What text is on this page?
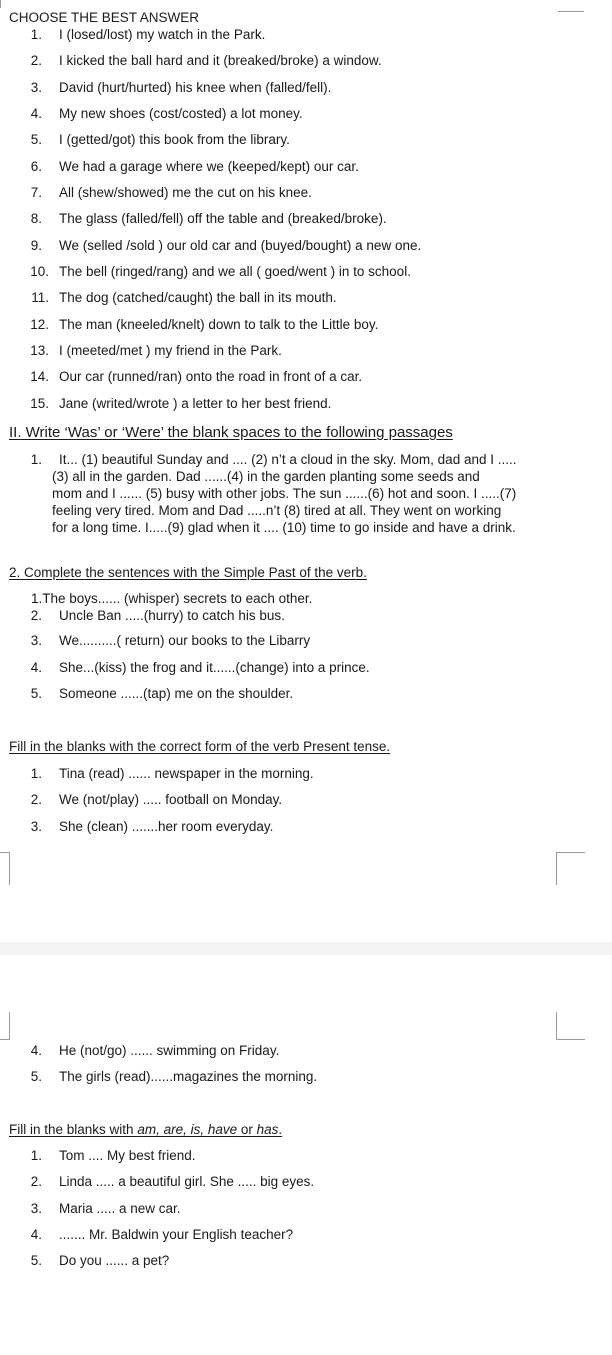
CHOOSE THE BEST ANSWER
1. I (losed/lost) my watch in the Park.
2. I kicked the ball hard and it (breaked/broke) a window.
3. David (hurt/hurted) his knee when (falled/fell).
4. My new shoes (cost/costed) a lot money.
5. I (getted/got) this book from the library.
6. We had a garage where we (keeped/kept) our car.
7. All (shew/showed) me the cut on his knee.
8. The glass (falled/fell) off the table and (breaked/broke).
9. We (selled /sold ) our old car and (buyed/bought) a new one.
10. The bell (ringed/rang) and we all ( goed/went ) in to school.
11. The dog (catched/caught) the ball in its mouth.
12. The man (kneeled/knelt) down to talk to the Little boy.
13. I (meeted/met ) my friend in the Park.
14. Our car (runned/ran) onto the road in front of a car.
15. Jane (writed/wrote ) a letter to her best friend.
II. Write ‘Was’ or ‘Were’ the blank spaces to the following passages
1. It... (1) beautiful Sunday and .... (2) n’t a cloud in the sky. Mom, dad and I .....
(3) all in the garden. Dad ......(4) in the garden planting some seeds and
mom and I ...... (5) busy with other jobs. The sun ......(6) hot and soon. I .....(7)
feeling very tired. Mom and Dad .....n’t (8) tired at all. They went on working
for a long time. I.....(9) glad when it .... (10) time to go inside and have a drink.
2. Complete the sentences with the Simple Past of the verb.
1.The boys...... (whisper) secrets to each other.
2. Uncle Ban .....(hurry) to catch his bus.
3. We..........( return) our books to the Libarry
4. She...(kiss) the frog and it......(change) into a prince.
5. Someone ......(tap) me on the shoulder.
Fill in the blanks with the correct form of the verb Present tense.
1. Tina (read) ...... newspaper in the morning.
2. We (not/play) ..... football on Monday.
3. She (clean) .......her room everyday.
4. He (not/go) ...... swimming on Friday.
5. The girls (read)......magazines the morning.
Fill in the blanks with am, are, is, have or has.
1. Tom .... My best friend.
2. Linda ..... a beautiful girl. She ..... big eyes.
3. Maria ..... a new car.
4. ....... Mr. Baldwin your English teacher?
5. Do you ...... a pet?
